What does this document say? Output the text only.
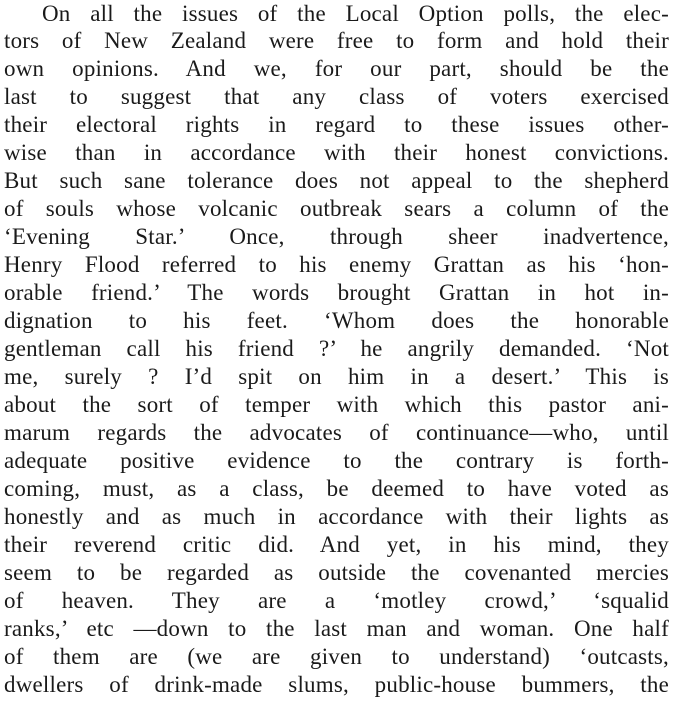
On all the issues of the Local Option polls, the elec-
tors of New Zealand were free to form and hold their
own opinions. And we, for our part, should be the
last to suggest that any class of voters exercised
their electoral rights in regard to these issues other-
wise than in accordance with their honest convictions.
But such sane tolerance does not appeal to the shepherd
of souls whose volcanic outbreak sears a column of the
‘Evening Star.’ Once, through sheer inadvertence,
Henry Flood referred to his enemy Grattan as his ‘hon-
orable friend.’ The words brought Grattan in hot in-
dignation to his feet. ‘Whom does the honorable
gentleman call his friend ?’ he angrily demanded. ‘Not
me, surely ? I’d spit on him in a desert.’ This is
about the sort of temper with which this pastor ani-
marum regards the advocates of continuance—who, until
adequate positive evidence to the contrary is forth-
coming, must, as a class, be deemed to have voted as
honestly and as much in accordance with their lights as
their reverend critic did. And yet, in his mind, they
seem to be regarded as outside the covenanted mercies
of heaven. They are a ‘motley crowd,’ ‘squalid
ranks,’ etc —down to the last man and woman. One half
of them are (we are given to understand) ‘outcasts,
dwellers of drink-made slums, public-house bummers, the
